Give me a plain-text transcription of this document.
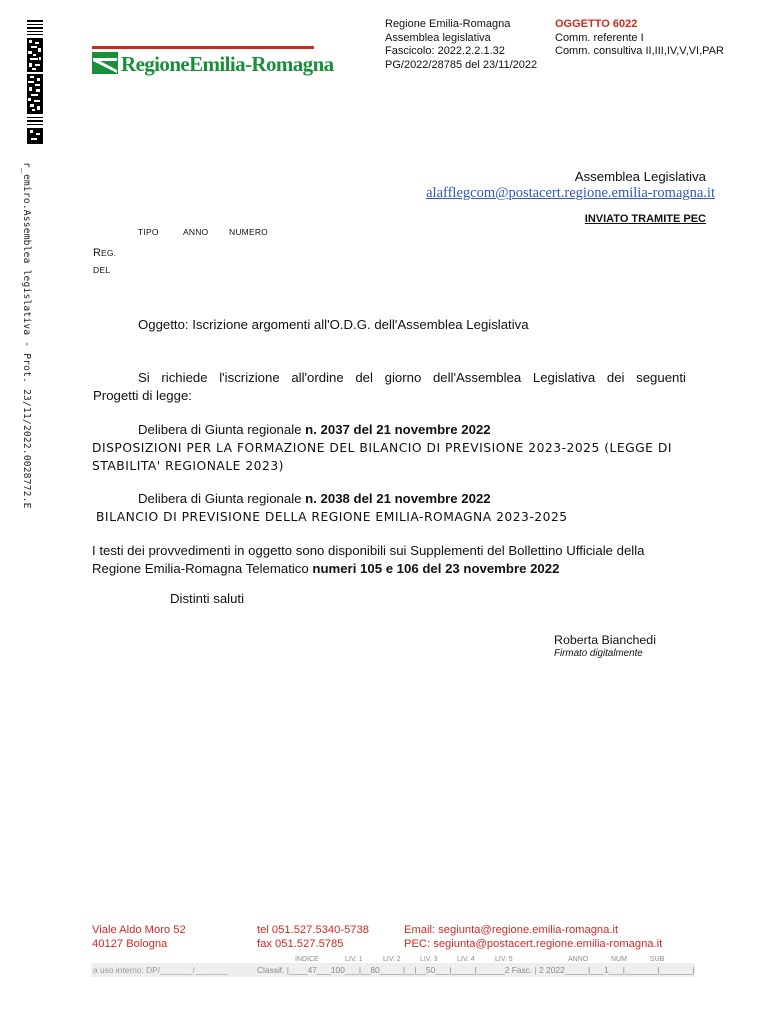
r_emiro.Assemblea legislativa - Prot. 23/11/2022.0028772.E
RegioneEmilia-Romagna
Regione Emilia-Romagna
Assemblea legislativa
Fascicolo: 2022.2.2.1.32
PG/2022/28785 del 23/11/2022
OGGETTO 6022
Comm. referente I
Comm. consultiva II,III,IV,V,VI,PAR
Assemblea Legislativa
alafflegcom@postacert.regione.emilia-romagna.it
INVIATO TRAMITE PEC
TIPO	ANNO NUMERO
REG.
DEL
Oggetto: Iscrizione argomenti all'O.D.G. dell'Assemblea Legislativa
Si richiede l'iscrizione all'ordine del giorno dell'Assemblea Legislativa dei seguenti
Progetti di legge:
Delibera di Giunta regionale n. 2037 del 21 novembre 2022
DISPOSIZIONI PER LA FORMAZIONE DEL BILANCIO DI PREVISIONE 2023-2025 (LEGGE DI
STABILITA' REGIONALE 2023)
Delibera di Giunta regionale n. 2038 del 21 novembre 2022
BILANCIO DI PREVISIONE DELLA REGIONE EMILIA-ROMAGNA 2023-2025
I testi dei provvedimenti in oggetto sono disponibili sui Supplementi del Bollettino Ufficiale della
Regione Emilia-Romagna Telematico numeri 105 e 106 del 23 novembre 2022
Distinti saluti
Roberta Bianchedi
Firmato digitalmente
Viale Aldo Moro 52
40127 Bologna
tel 051.527.5340-5738
fax 051.527.5785
Email: segiunta@regione.emilia-romagna.it
PEC: segiunta@postacert.regione.emilia-romagna.it
INDICE	LIV. 1	LIV. 2	LIV. 3	LIV. 4	LIV. 5	ANNO	NUM	SUB
a uso interno: DP/_______/_______	Classif. |____47___100___|__80_____|__|__50___|_____|______2 Fasc. | 2 2022_____|___1___|_______|_______|
